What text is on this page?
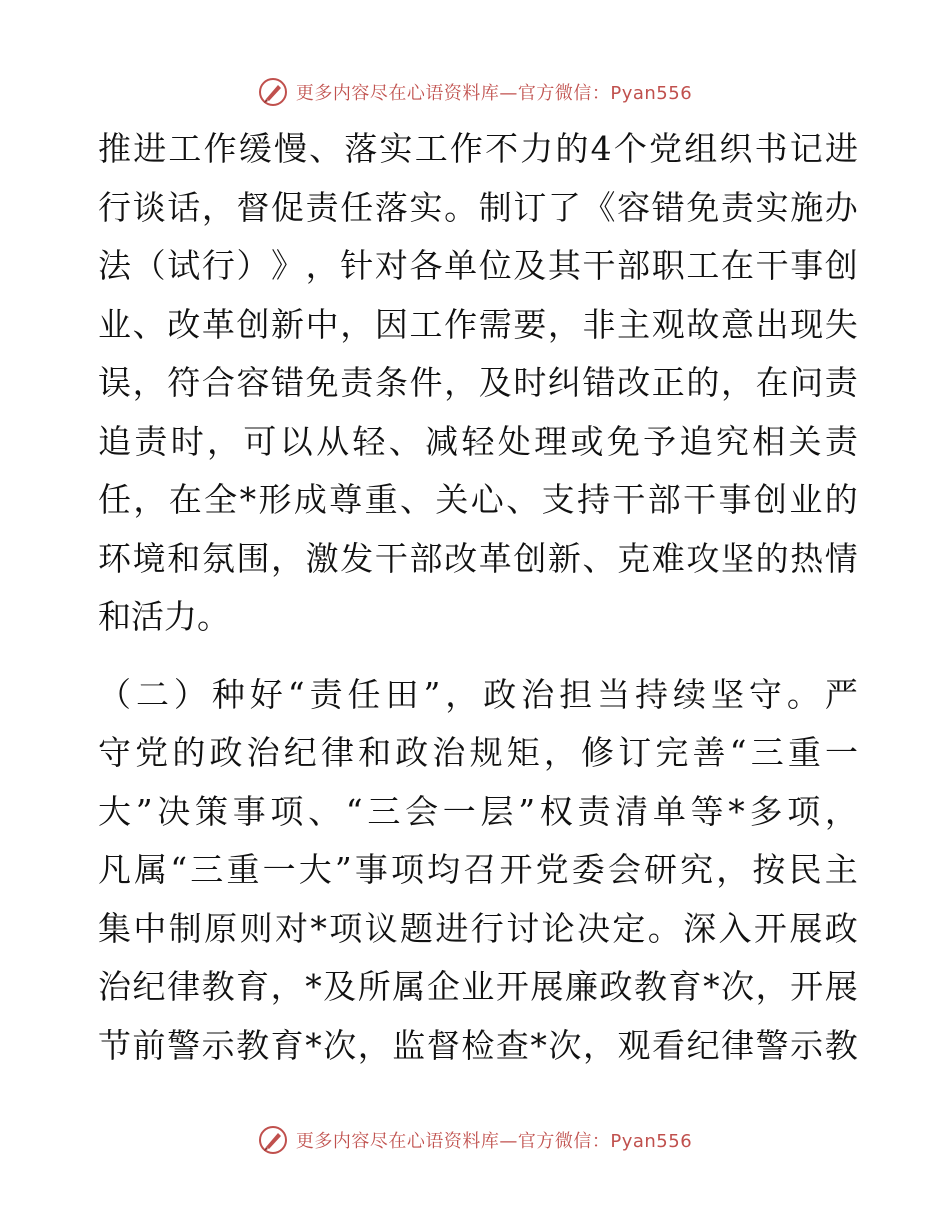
更多内容尽在心语资料库—官方微信：Pyan556
推 进 工 作 缓 慢 、 落 实 工 作 不 力 的 4 个 党 组 织 书 记 进
行 谈 话 ， 督 促 责 任 落 实 。 制 订 了 《 容 错 免 责 实 施 办
法 （ 试 行 ） 》 ， 针 对 各 单 位 及 其 干 部 职 工 在 干 事 创
业 、 改 革 创 新 中 ， 因 工 作 需 要 ， 非 主 观 故 意 出 现 失
误 ， 符 合 容 错 免 责 条 件 ， 及 时 纠 错 改 正 的 ， 在 问 责
追 责 时 ， 可 以 从 轻 、 减 轻 处 理 或 免 予 追 究 相 关 责
任 ， 在 全 * 形 成 尊 重 、 关 心 、 支 持 干 部 干 事 创 业 的
环 境 和 氛 围 ， 激 发 干 部 改 革 创 新 、 克 难 攻 坚 的 热 情
和活力。
（ 二 ） 种 好 “ 责 任 田 ” ， 政 治 担 当 持 续 坚 守 。 严
守 党 的 政 治 纪 律 和 政 治 规 矩 ， 修 订 完 善 “ 三 重 一
大 ” 决 策 事 项 、 “ 三 会 一 层 ” 权 责 清 单 等 * 多 项 ，
凡 属 “ 三 重 一 大 ” 事 项 均 召 开 党 委 会 研 究 ， 按 民 主
集 中 制 原 则 对 * 项 议 题 进 行 讨 论 决 定 。 深 入 开 展 政
治 纪 律 教 育 ， * 及 所 属 企 业 开 展 廉 政 教 育 * 次 ， 开 展
节 前 警 示 教 育 * 次 ， 监 督 检 查 * 次 ， 观 看 纪 律 警 示 教
更多内容尽在心语资料库—官方微信：Pyan556
